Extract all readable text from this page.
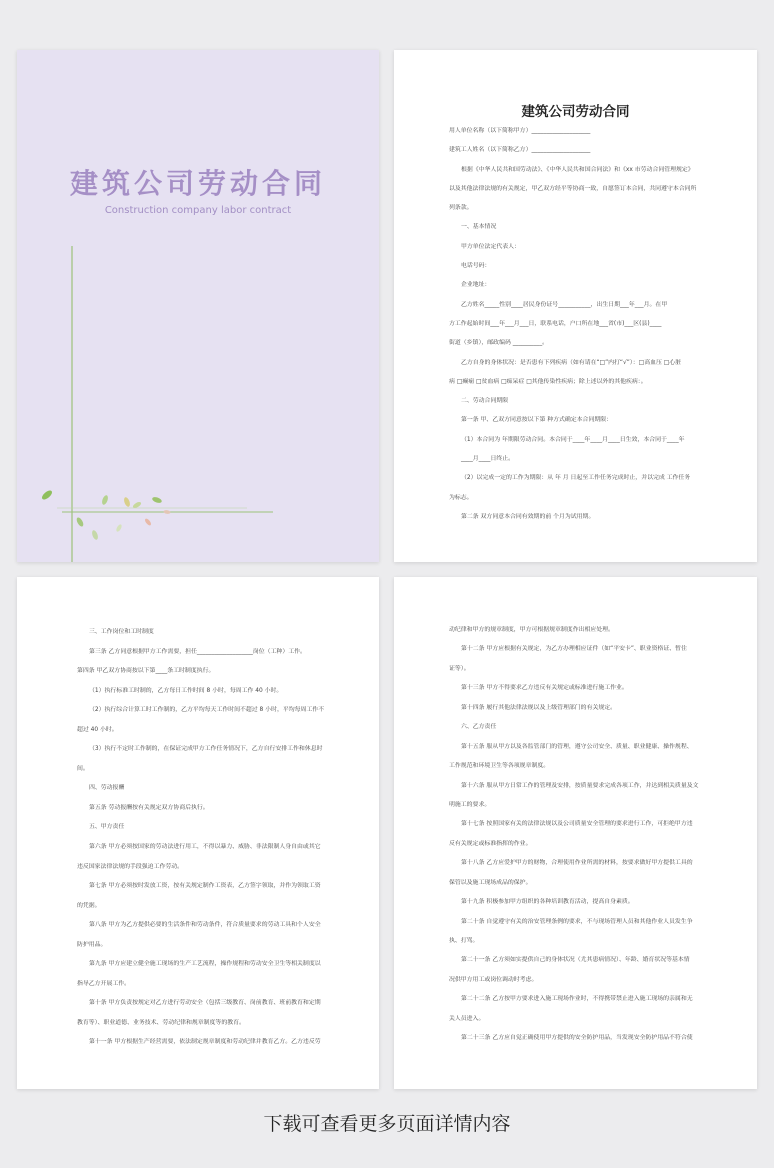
建筑公司劳动合同
Construction company labor contract
建筑公司劳动合同
用人单位名称（以下简称甲方）____________________
建筑工人姓名（以下简称乙方）____________________
根据《中华人民共和国劳动法》、《中华人民共和国合同法》和《xx 市劳动合同管理规定》
以及其他法律法规的有关规定，甲乙双方经平等协商一致，自愿签订本合同，共同遵守本合同所
列条款。
一、基本情况
甲方单位法定代表人：
电话号码：
企业地址：
乙方姓名_____性别____居民身份证号___________，出生日期___年___月。在甲
方工作起始时间___年___月___日，联系电话，户口所在地___省(市)___区(县)____
街道（乡镇），邮政编码 __________。
乙方自身的身体状况：是否患有下列疾病（如有请在“□”内打“√”）：□高血压 □心脏
病 □癫痫 □贫血病 □痴呆症 □其他传染性疾病；除上述以外的其他疾病：。
二、劳动合同期限
第一条 甲、乙双方同意按以下第 种方式确定本合同期限：
（1）本合同为 年期限劳动合同。本合同于____年____月____日生效，本合同于____年
____月____日终止。
（2）以完成一定的工作为期限：从 年 月 日起至工作任务完成时止，并以完成 工作任务
为标志。
第二条 双方同意本合同有效期的前 个月为试用期。
三、工作岗位和工时制度
第三条 乙方同意根据甲方工作需要，担任___________________岗位（工种）工作。
第四条 甲乙双方协商按以下第____条工时制度执行。
（1）执行标准工时制的，乙方每日工作时间 8 小时，每周工作 40 小时。
（2）执行综合计算工时工作制的，乙方平均每天工作时间不超过 8 小时，平均每周工作不
超过 40 小时。
（3）执行不定时工作制的，在保证完成甲方工作任务情况下，乙方自行安排工作和休息时
间。
四、劳动报酬
第五条 劳动报酬按有关规定双方协商后执行。
五、甲方责任
第六条 甲方必须按国家的劳动法进行用工，不得以暴力、威胁、非法限制人身自由或其它
违反国家法律法规的手段强迫工作劳动。
第七条 甲方必须按时发放工资，按有关规定制作工资表，乙方签字领取，并作为领取工资
的凭据。
第八条 甲方为乙方提供必要的生活条件和劳动条件，符合质量要求的劳动工具和个人安全
防护用品。
第九条 甲方应建立健全施工现场的生产工艺流程，操作规程和劳动安全卫生等相关制度以
指导乙方开展工作。
第十条 甲方负责按规定对乙方进行劳动安全（包括三级教育、岗前教育、班前教育和定期
教育等）、职业道德、业务技术、劳动纪律和规章制度等的教育。
第十一条 甲方根据生产经营需要，依法制定规章制度和劳动纪律并教育乙方。乙方违反劳
动纪律和甲方的规章制度，甲方可根据规章制度作出相应处理。
第十二条 甲方应根据有关规定，为乙方办理相应证件（如“平安卡”、职业资格证、暂住
证等）。
第十三条 甲方不得要求乙方违反有关规定或标准进行施工作业。
第十四条 履行其他法律法规以及上级管理部门的有关规定。
六、乙方责任
第十五条 服从甲方以及各监管部门的管理，遵守公司安全、质量、职业健康、操作规程、
工作规范和环境卫生等各项规章制度。
第十六条 服从甲方日常工作的管理及安排，按质量要求完成各项工作，并达到相关质量及文
明施工的要求。
第十七条 按照国家有关的法律法规以及公司质量安全管理的要求进行工作，可拒绝甲方违
反有关规定或标准指挥的作业。
第十八条 乙方应爱护甲方的财物，合理使用作业所需的材料，按要求做好甲方提供工具的
保管以及施工现场成品的保护。
第十九条 积极参加甲方组织的各种培训教育活动，提高自身素质。
第二十条 自觉遵守有关的治安管理条例的要求，不与现场管理人员和其他作业人员发生争
执、打骂。
第二十一条 乙方须如实提供自己的身体状况（尤其患病情况）、年龄、婚育状况等基本情
况供甲方用工或岗位调动时考虑。
第二十二条 乙方按甲方要求进入施工现场作业时，不得携带禁止进入施工现场的亲属和无
关人员进入。
第二十三条 乙方应自觉正确使用甲方提供的安全防护用品，当发现安全防护用品不符合使

下载可查看更多页面详情内容
